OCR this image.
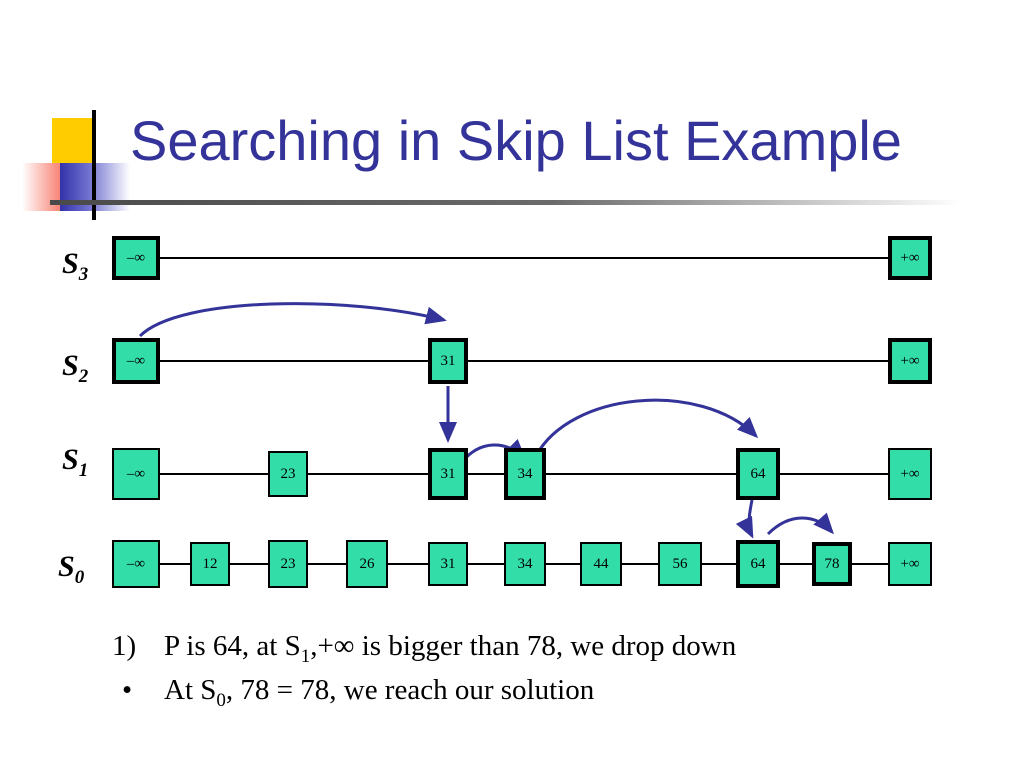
Searching in Skip List Example
$S_3$
$S_2$
$S_1$
$S_0$
–∞	+∞
–∞	31	+∞
–∞	23	31	34	64	+∞
–∞	12	23	26	31	34	44	56	64	78	+∞
1) P is 64, at $S_1,+\infty$ is bigger than 78, we drop down
•	At $S_0$, 78 = 78, we reach our solution
